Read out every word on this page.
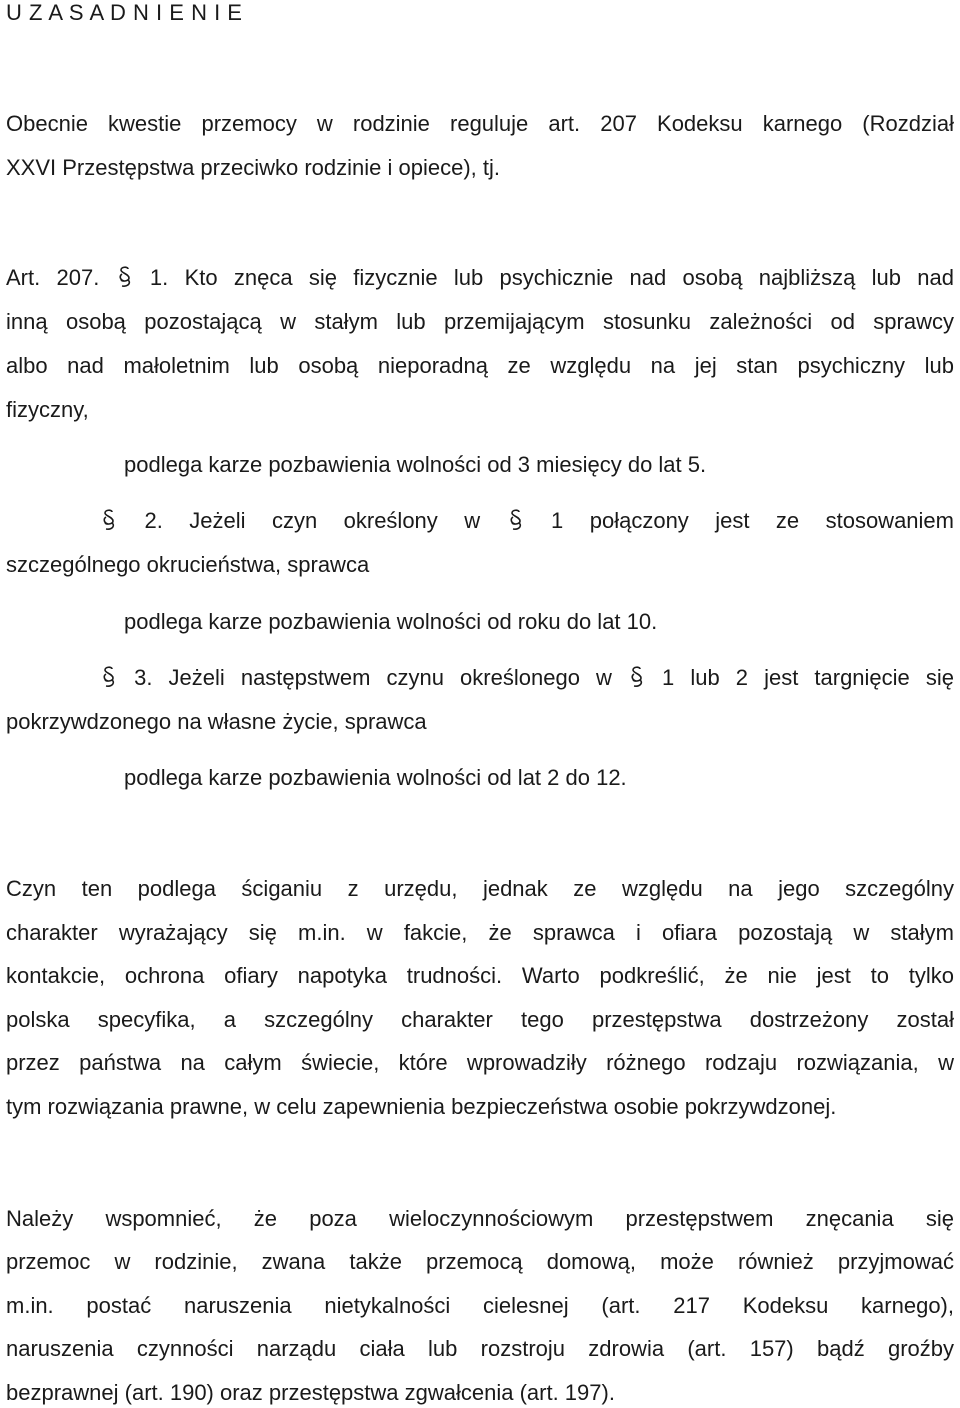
U Z A S A D N I E N I E
Obecnie kwestie przemocy w rodzinie reguluje art. 207 Kodeksu karnego (Rozdział
XXVI Przestępstwa przeciwko rodzinie i opiece), tj.
Art. 207. 1. Kto znęca się fizycznie lub psychicznie nad osobą najbliższą lub nad
inną osobą pozostającą w stałym lub przemijającym stosunku zależności od sprawcy
albo nad małoletnim lub osobą nieporadną ze względu na jej stan psychiczny lub
fizyczny,
podlega karze pozbawienia wolności od 3 miesięcy do lat 5.
2. Jeżeli czyn określony w	1 połączony jest ze stosowaniem
szczególnego okrucieństwa, sprawca
podlega karze pozbawienia wolności od roku do lat 10.
3. Jeżeli następstwem czynu określonego w 1 lub 2 jest targnięcie się
pokrzywdzonego na własne życie, sprawca
podlega karze pozbawienia wolności od lat 2 do 12.
Czyn ten podlega ściganiu z urzędu, jednak ze względu na jego szczególny
charakter wyrażający się m.in. w fakcie, że sprawca i ofiara pozostają w stałym
kontakcie, ochrona ofiary napotyka trudności. Warto podkreślić, że nie jest to tylko
polska specyfika, a szczególny charakter tego przestępstwa dostrzeżony został
przez państwa na całym świecie, które wprowadziły różnego rodzaju rozwiązania, w
tym rozwiązania prawne, w celu zapewnienia bezpieczeństwa osobie pokrzywdzonej.
Należy wspomnieć, że poza wieloczynnościowym przestępstwem znęcania się
przemoc w rodzinie, zwana także przemocą domową, może również przyjmować
m.in. postać naruszenia nietykalności cielesnej (art. 217 Kodeksu karnego),
naruszenia czynności narządu ciała lub rozstroju zdrowia (art. 157) bądź groźby
bezprawnej (art. 190) oraz przestępstwa zgwałcenia (art. 197).
